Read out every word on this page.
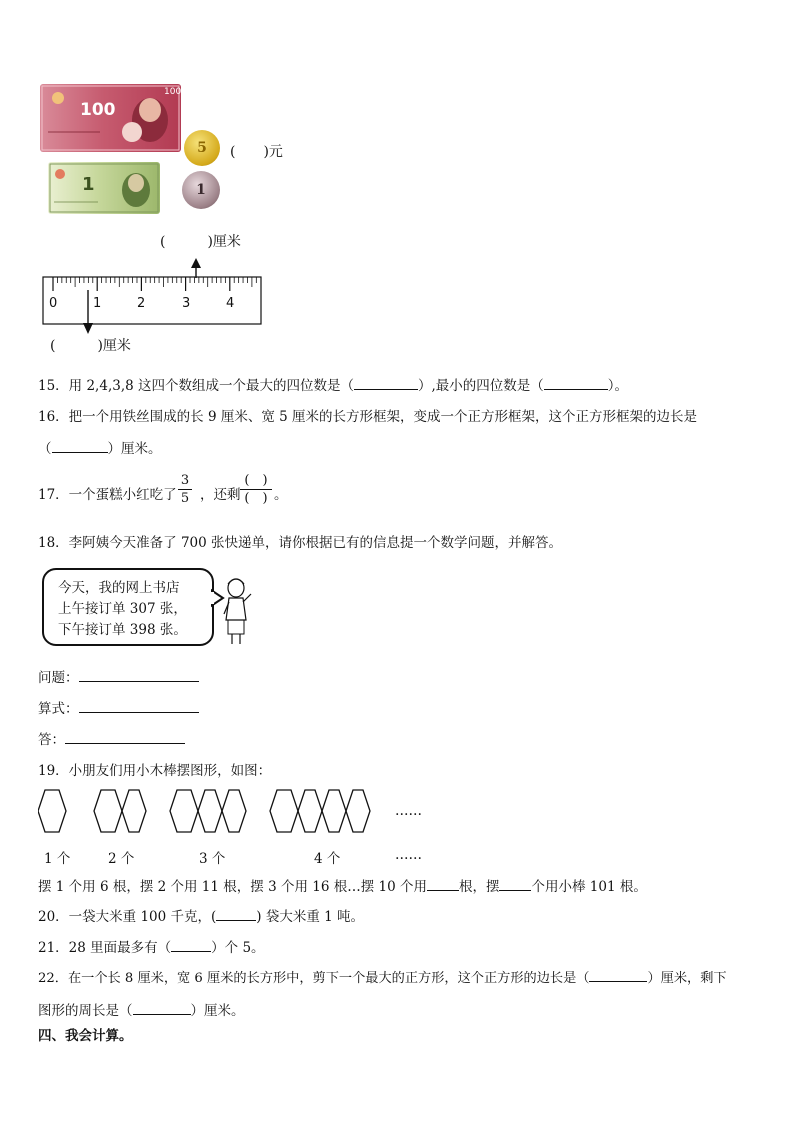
100
100
1
5
1
(　　)元
(　　　)厘米
0	1	2	3	4
(　　　)厘米
15．用 2,4,3,8 这四个数组成一个最大的四位数是（	）,最小的四位数是（	）。
16．把一个用铁丝围成的长 9 厘米、宽 5 厘米的长方形框架，变成一个正方形框架，这个正方形框架的边长是
（	）厘米。
17．一个蛋糕小红吃了 $\frac{3}{5}$ ，还剩
(　)
(　) 。
18．李阿姨今天准备了 700 张快递单，请你根据已有的信息提一个数学问题，并解答。
今天，我的网上书店
上午接订单 307 张，
下午接订单 398 张。
问题：
算式：
答：
19．小朋友们用小木棒摆图形，如图：
……
1 个	2 个	3 个	4 个	……
摆 1 个用 6 根，摆 2 个用 11 根，摆 3 个用 16 根…摆 10 个用 根，摆 个用小棒 101 根。
20．一袋大米重 100 千克，(	) 袋大米重 1 吨。
21．28 里面最多有（	）个 5。
22．在一个长 8 厘米，宽 6 厘米的长方形中，剪下一个最大的正方形，这个正方形的边长是（	）厘米，剩下
图形的周长是（	）厘米。
四、我会计算。
